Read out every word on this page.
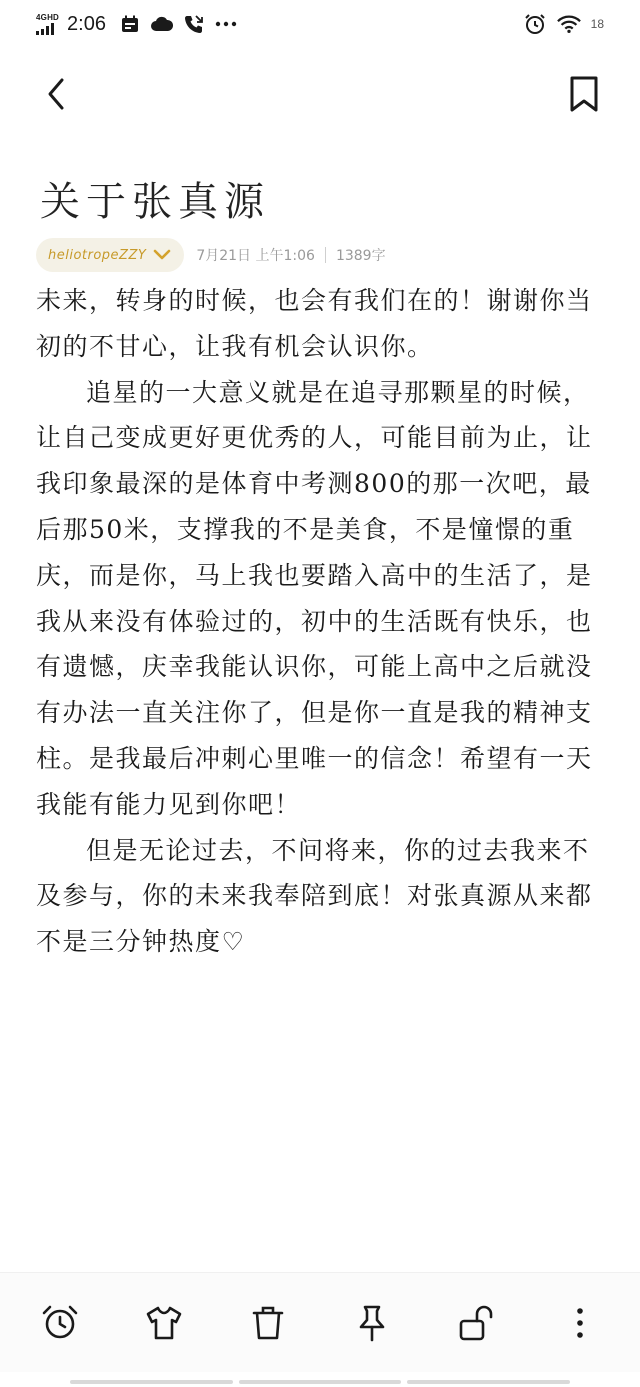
4GHD 2:06	18
关于张真源
heliotropeZZY	7月21日 上午1:06 1389字

未来，转身的时候，也会有我们在的！谢谢你当初的不甘心，让我有机会认识你。

追星的一大意义就是在追寻那颗星的时候，让自己变成更好更优秀的人，可能目前为止，让我印象最深的是体育中考测800的那一次吧，最后那50米，支撑我的不是美食，不是憧憬的重庆，而是你，马上我也要踏入高中的生活了，是我从来没有体验过的，初中的生活既有快乐，也有遗憾，庆幸我能认识你，可能上高中之后就没有办法一直关注你了，但是你一直是我的精神支柱。是我最后冲刺心里唯一的信念！希望有一天我能有能力见到你吧！

但是无论过去，不问将来，你的过去我来不及参与，你的未来我奉陪到底！对张真源从来都不是三分钟热度♡
